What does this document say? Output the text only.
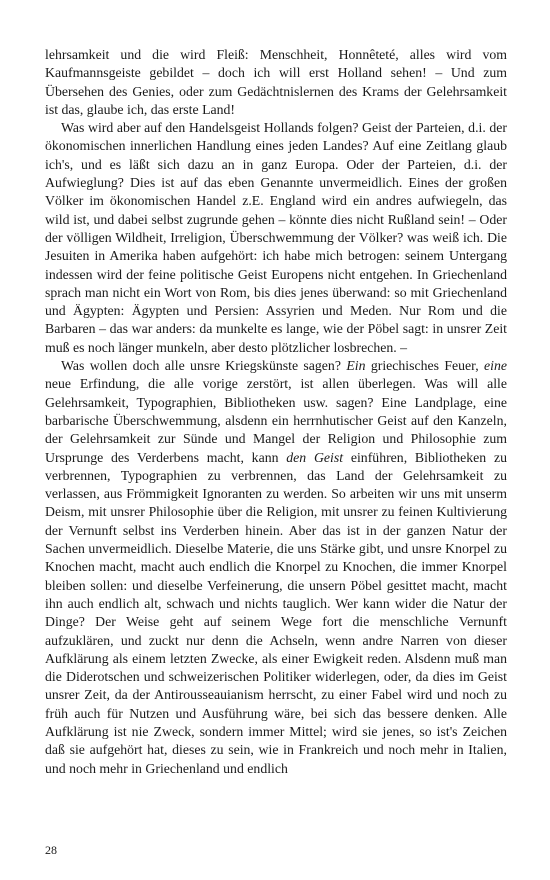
lehrsamkeit und die wird Fleiß: Menschheit, Honnêteté, alles wird vom Kaufmannsgeiste gebildet – doch ich will erst Holland sehen! – Und zum Übersehen des Genies, oder zum Gedächtnislernen des Krams der Gelehrsamkeit ist das, glaube ich, das erste Land!

Was wird aber auf den Handelsgeist Hollands folgen? Geist der Parteien, d.i. der ökonomischen innerlichen Handlung eines jeden Landes? Auf eine Zeitlang glaub ich's, und es läßt sich dazu an in ganz Europa. Oder der Parteien, d.i. der Aufwieglung? Dies ist auf das eben Genannte unvermeidlich. Eines der großen Völker im ökonomischen Handel z.E. England wird ein andres aufwiegeln, das wild ist, und dabei selbst zugrunde gehen – könnte dies nicht Rußland sein! – Oder der völligen Wildheit, Irreligion, Überschwemmung der Völker? was weiß ich. Die Jesuiten in Amerika haben aufgehört: ich habe mich betrogen: seinem Untergang indessen wird der feine politische Geist Europens nicht entgehen. In Griechenland sprach man nicht ein Wort von Rom, bis dies jenes überwand: so mit Griechenland und Ägypten: Ägypten und Persien: Assyrien und Meden. Nur Rom und die Barbaren – das war anders: da munkelte es lange, wie der Pöbel sagt: in unsrer Zeit muß es noch länger munkeln, aber desto plötzlicher losbrechen. –

Was wollen doch alle unsre Kriegskünste sagen? Ein griechisches Feuer, eine neue Erfindung, die alle vorige zerstört, ist allen überlegen. Was will alle Gelehrsamkeit, Typographien, Bibliotheken usw. sagen? Eine Landplage, eine barbarische Überschwemmung, alsdenn ein herrnhutischer Geist auf den Kanzeln, der Gelehrsamkeit zur Sünde und Mangel der Religion und Philosophie zum Ursprunge des Verderbens macht, kann den Geist einführen, Bibliotheken zu verbrennen, Typographien zu verbrennen, das Land der Gelehrsamkeit zu verlassen, aus Frömmigkeit Ignoranten zu werden. So arbeiten wir uns mit unserm Deism, mit unsrer Philosophie über die Religion, mit unsrer zu feinen Kultivierung der Vernunft selbst ins Verderben hinein. Aber das ist in der ganzen Natur der Sachen unvermeidlich. Dieselbe Materie, die uns Stärke gibt, und unsre Knorpel zu Knochen macht, macht auch endlich die Knorpel zu Knochen, die immer Knorpel bleiben sollen: und dieselbe Verfeinerung, die unsern Pöbel gesittet macht, macht ihn auch endlich alt, schwach und nichts tauglich. Wer kann wider die Natur der Dinge? Der Weise geht auf seinem Wege fort die menschliche Vernunft aufzuklären, und zuckt nur denn die Achseln, wenn andre Narren von dieser Aufklärung als einem letzten Zwecke, als einer Ewigkeit reden. Alsdenn muß man die Diderotschen und schweizerischen Politiker widerlegen, oder, da dies im Geist unsrer Zeit, da der Antirousseauianism herrscht, zu einer Fabel wird und noch zu früh auch für Nutzen und Ausführung wäre, bei sich das bessere denken. Alle Aufklärung ist nie Zweck, sondern immer Mittel; wird sie jenes, so ist's Zeichen daß sie aufgehört hat, dieses zu sein, wie in Frankreich und noch mehr in Italien, und noch mehr in Griechenland und endlich

28
